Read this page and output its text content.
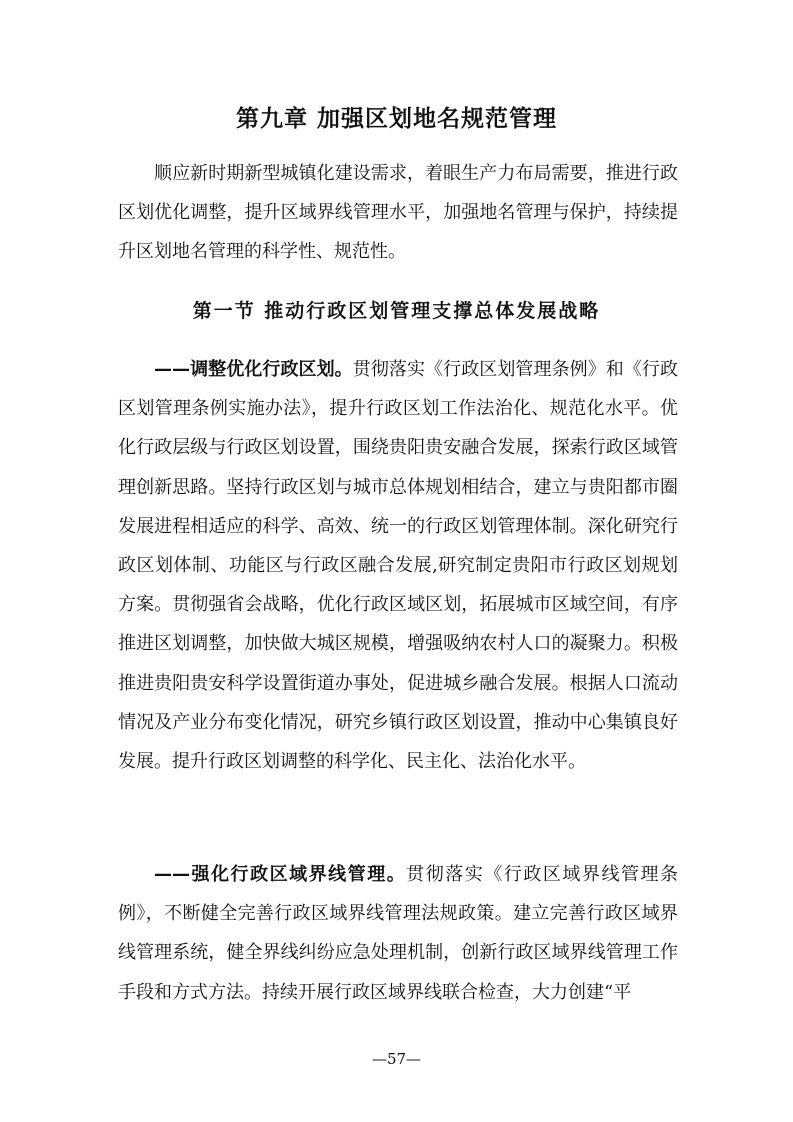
第九章 加强区划地名规范管理

顺应新时期新型城镇化建设需求，着眼生产力布局需要，推进行政区划优化调整，提升区域界线管理水平，加强地名管理与保护，持续提升区划地名管理的科学性、规范性。

第一节 推动行政区划管理支撑总体发展战略

——调整优化行政区划。贯彻落实《行政区划管理条例》和《行政区划管理条例实施办法》，提升行政区划工作法治化、规范化水平。优化行政层级与行政区划设置，围绕贵阳贵安融合发展，探索行政区域管理创新思路。坚持行政区划与城市总体规划相结合，建立与贵阳都市圈发展进程相适应的科学、高效、统一的行政区划管理体制。深化研究行政区划体制、功能区与行政区融合发展,研究制定贵阳市行政区划规划方案。贯彻强省会战略，优化行政区域区划，拓展城市区域空间，有序推进区划调整，加快做大城区规模，增强吸纳农村人口的凝聚力。积极推进贵阳贵安科学设置街道办事处，促进城乡融合发展。根据人口流动情况及产业分布变化情况，研究乡镇行政区划设置，推动中心集镇良好发展。提升行政区划调整的科学化、民主化、法治化水平。

——强化行政区域界线管理。贯彻落实《行政区域界线管理条例》，不断健全完善行政区域界线管理法规政策。建立完善行政区域界线管理系统，健全界线纠纷应急处理机制，创新行政区域界线管理工作手段和方式方法。持续开展行政区域界线联合检查，大力创建“平

—57—
